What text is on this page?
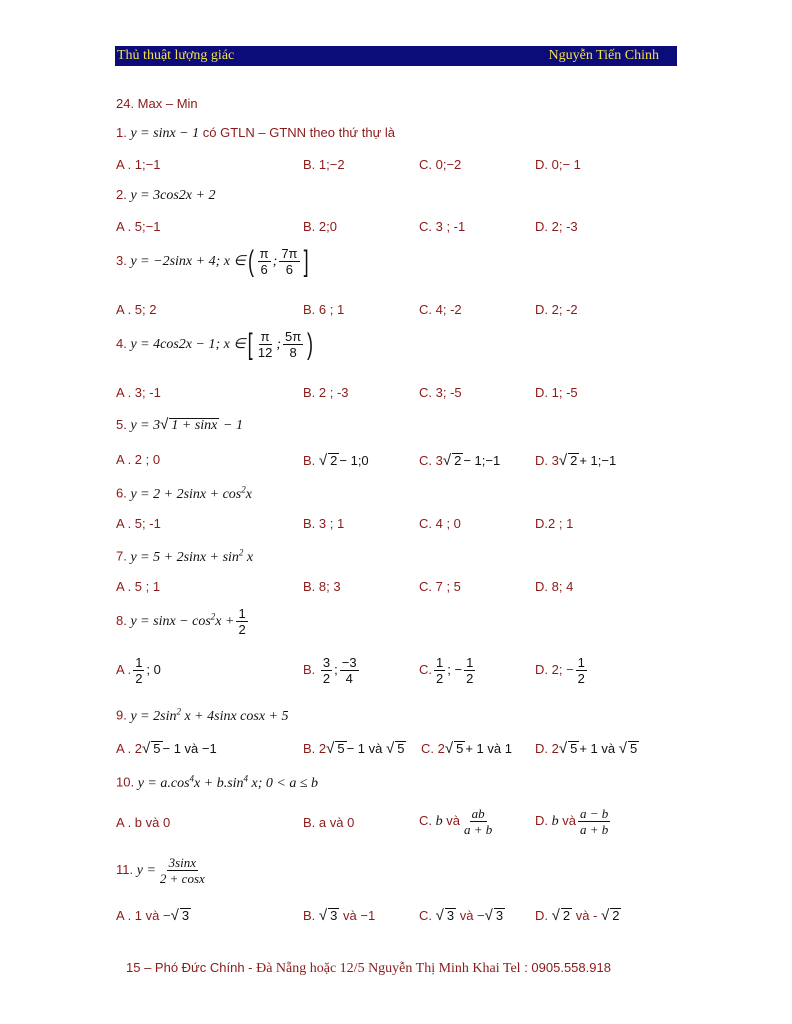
Thủ thuật lượng giác	Nguyễn Tiến Chinh
24. Max – Min
1. y = sinx − 1 có GTLN – GTNN theo thứ thự là
A . 1;−1	B. 1;−2	C. 0;−2	D. 0;− 1
2. y = 3cos2x + 2
A . 5;−1	B. 2;0	C. 3 ; -1	D. 2; -3
3. y = −2sinx + 4; x ∈( $\frac{\pi}{6}$ ; $\frac{7\pi}{6}$ ]
A . 5; 2	B. 6 ; 1	C. 4; -2	D. 2; -2
4. y = 4cos2x − 1; x ∈[ $\frac{\pi}{12}$ ; $\frac{5\pi}{8}$ )
A . 3; -1	B. 2 ; -3	C. 3; -5	D. 1; -5
5. y = 3√ 1 + sinx − 1
A . 2 ; 0	B. √ 2 − 1;0	C. 3√ 2 − 1;−1	D. 3√ 2 + 1;−1
6. $y = 2 + 2\sin x + \cos^2x$
A . 5; -1	B. 3 ; 1	C. 4 ; 0	D.2 ; 1
7. $y = 5 + 2\sin x + \sin^2 x$
A . 5 ; 1	B. 8; 3	C. 7 ; 5	D. 8; 4
8. $y = \sin x - \cos^2x + \frac{1}{2}$
A . $\frac{1}{2}$ ; 0	B. $\frac{3}{2}$ ; $\frac{-3}{4}$	C. $\frac{1}{2}$ ; − $\frac{1}{2}$	D. 2; − $\frac{1}{2}$
9. $y = 2\sin^2$ x + 4sinx cosx + 5
A . 2√ 5 − 1 và −1	B. 2√ 5 − 1 và √ 5 C. 2√ 5 + 1 và 1 D. 2√ 5 + 1 và √ 5
10. $y = a.\cos^4x + b.\sin^4$ x; 0 < a ≤ b
A . b và 0	B. a và 0	C. b và $\frac{ab}{a + b}$	D. b và $\frac{a - b}{a + b}$
11. $y = \frac{3\sin x}{2 + \cos x}$
A . 1 và −√ 3	B. √ 3 và −1	C. √ 3 và −√ 3 D. √ 2 và - √ 2
15 – Phó Đức Chính - Đà Nẵng hoặc 12/5 Nguyễn Thị Minh Khai Tel : 0905.558.918
